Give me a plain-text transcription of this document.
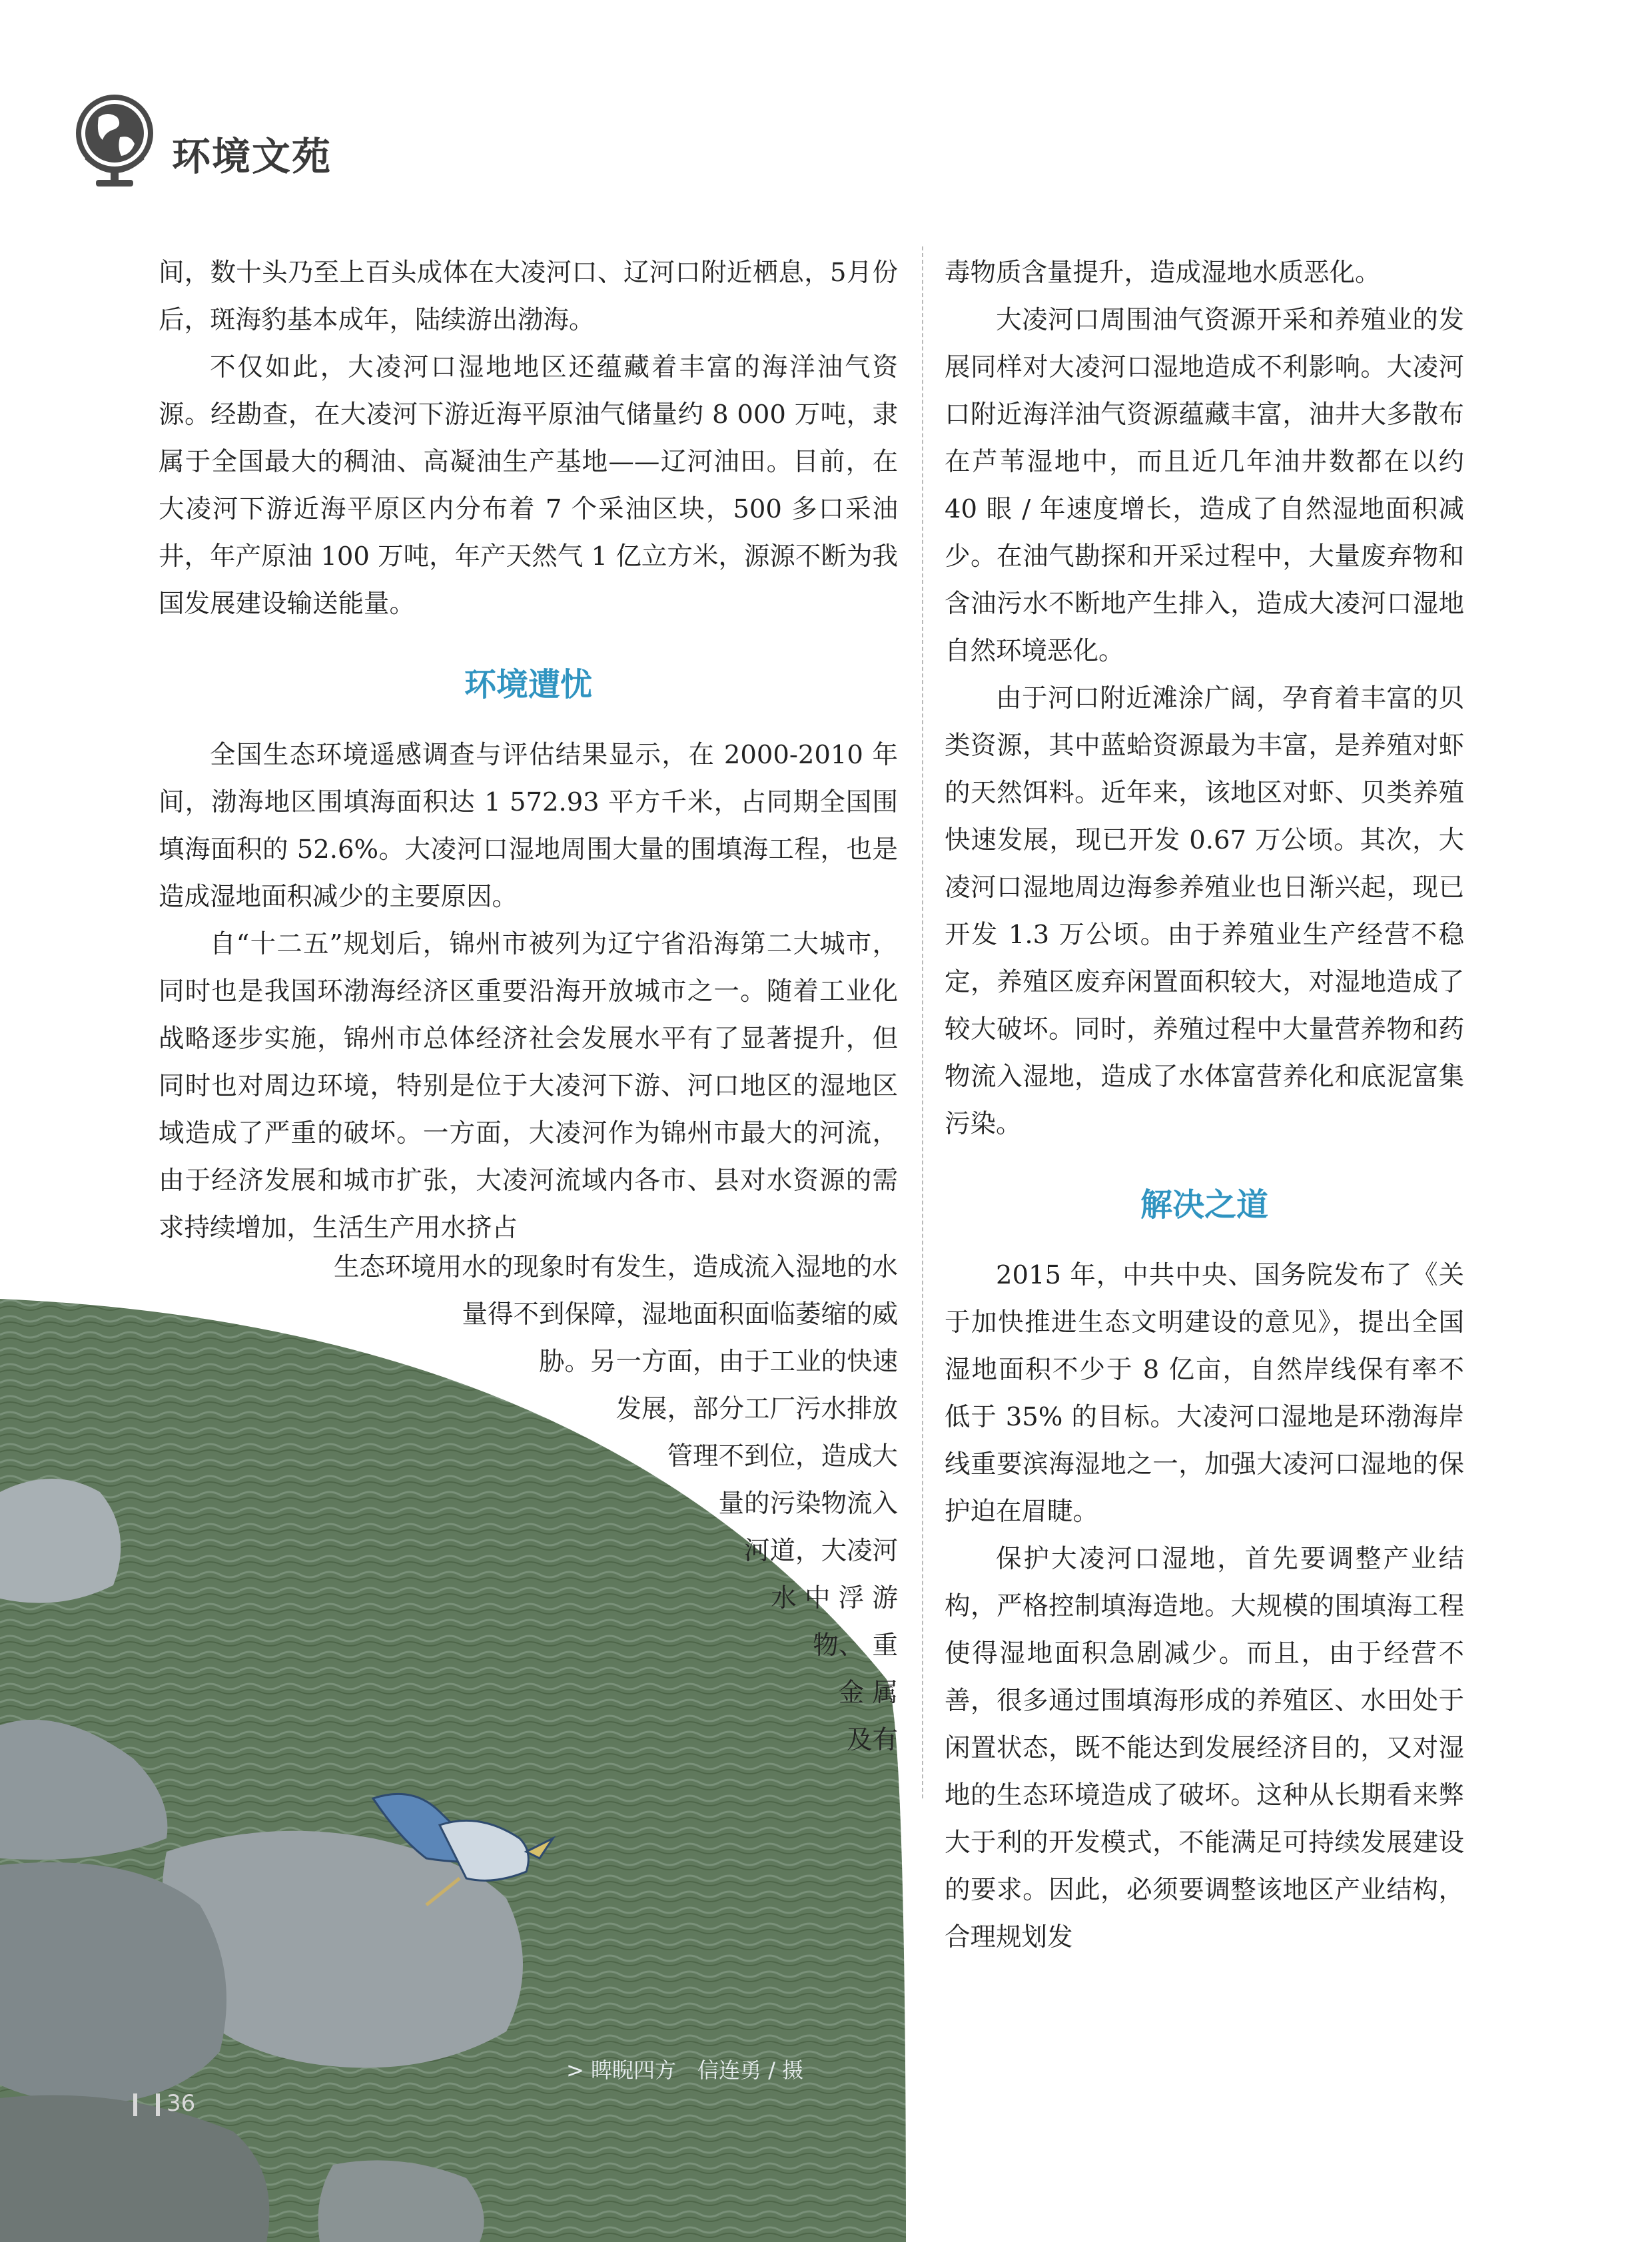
环境文苑

间，数十头乃至上百头成体在大凌河口、辽河口附近栖息，5月份后，斑海豹基本成年，陆续游出渤海。

不仅如此，大凌河口湿地地区还蕴藏着丰富的海洋油气资源。经勘查，在大凌河下游近海平原油气储量约 8 000 万吨，隶属于全国最大的稠油、高凝油生产基地——辽河油田。目前，在大凌河下游近海平原区内分布着 7 个采油区块，500 多口采油井，年产原油 100 万吨，年产天然气 1 亿立方米，源源不断为我国发展建设输送能量。

环境遭忧

全国生态环境遥感调查与评估结果显示，在 2000-2010 年间，渤海地区围填海面积达 1 572.93 平方千米，占同期全国围填海面积的 52.6%。大凌河口湿地周围大量的围填海工程，也是造成湿地面积减少的主要原因。

自“十二五”规划后，锦州市被列为辽宁省沿海第二大城市，同时也是我国环渤海经济区重要沿海开放城市之一。随着工业化战略逐步实施，锦州市总体经济社会发展水平有了显著提升，但同时也对周边环境，特别是位于大凌河下游、河口地区的湿地区域造成了严重的破坏。一方面，大凌河作为锦州市最大的河流，由于经济发展和城市扩张，大凌河流域内各市、县对水资源的需求持续增加，生活生产用水挤占

生态环境用水的现象时有发生，造成流入湿地的水
量得不到保障，湿地面积面临萎缩的威
胁。另一方面，由于工业的快速
发展，部分工厂污水排放
管理不到位，造成大
量的污染物流入
河道，大凌河
水 中 浮 游
物、 重
金 属
及有

毒物质含量提升，造成湿地水质恶化。

大凌河口周围油气资源开采和养殖业的发展同样对大凌河口湿地造成不利影响。大凌河口附近海洋油气资源蕴藏丰富，油井大多散布在芦苇湿地中，而且近几年油井数都在以约 40 眼 / 年速度增长，造成了自然湿地面积减少。在油气勘探和开采过程中，大量废弃物和含油污水不断地产生排入，造成大凌河口湿地自然环境恶化。

由于河口附近滩涂广阔，孕育着丰富的贝类资源，其中蓝蛤资源最为丰富，是养殖对虾的天然饵料。近年来，该地区对虾、贝类养殖快速发展，现已开发 0.67 万公顷。其次，大凌河口湿地周边海参养殖业也日渐兴起，现已开发 1.3 万公顷。由于养殖业生产经营不稳定，养殖区废弃闲置面积较大，对湿地造成了较大破坏。同时，养殖过程中大量营养物和药物流入湿地，造成了水体富营养化和底泥富集污染。

解决之道

2015 年，中共中央、国务院发布了《关于加快推进生态文明建设的意见》，提出全国湿地面积不少于 8 亿亩，自然岸线保有率不低于 35% 的目标。大凌河口湿地是环渤海岸线重要滨海湿地之一，加强大凌河口湿地的保护迫在眉睫。

保护大凌河口湿地，首先要调整产业结构，严格控制填海造地。大规模的围填海工程使得湿地面积急剧减少。而且，由于经营不善，很多通过围填海形成的养殖区、水田处于闲置状态，既不能达到发展经济目的，又对湿地的生态环境造成了破坏。这种从长期看来弊大于利的开发模式，不能满足可持续发展建设的要求。因此，必须要调整该地区产业结构，合理规划发

> 睥睨四方　信连勇 / 摄
36
